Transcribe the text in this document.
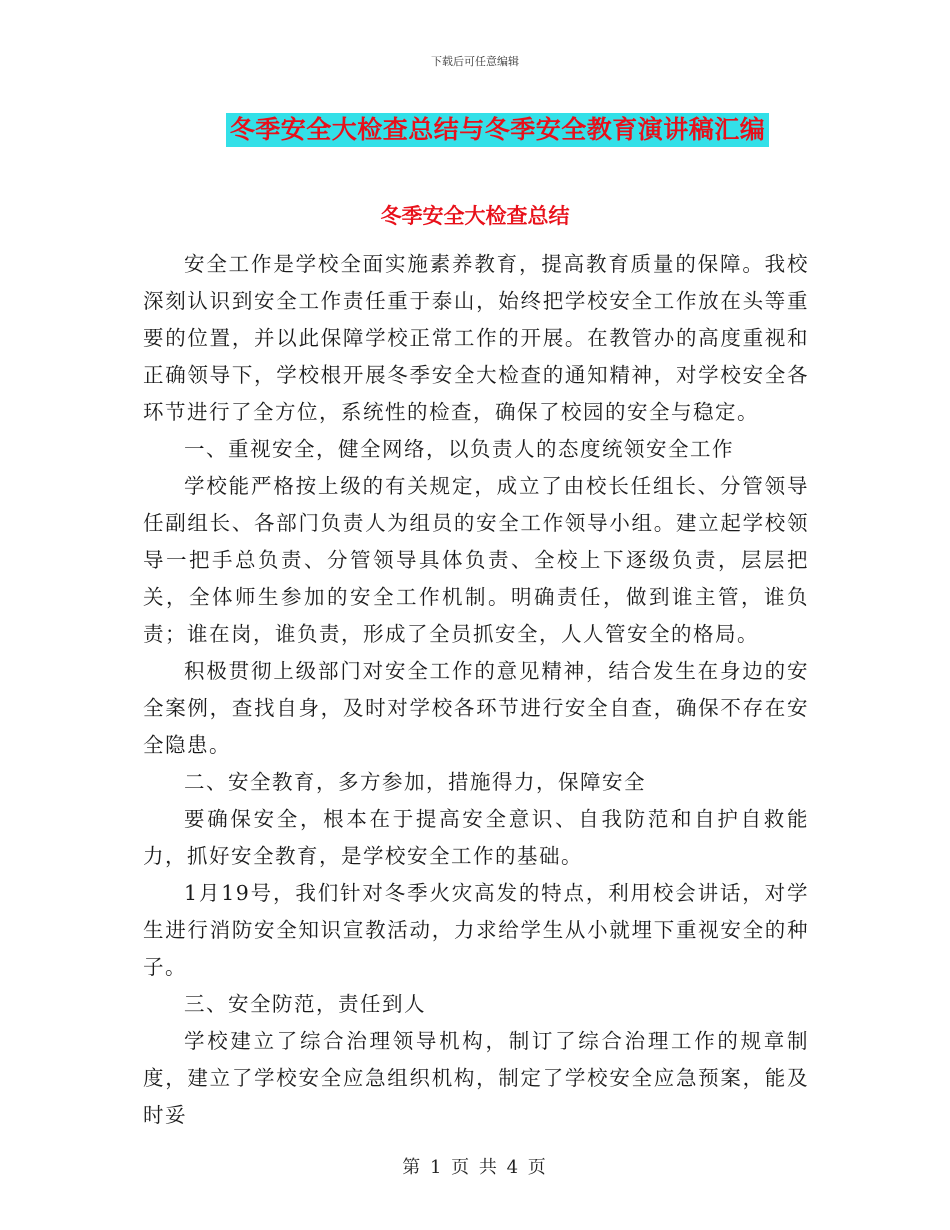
下载后可任意编辑
冬季安全大检查总结与冬季安全教育演讲稿汇编
冬季安全大检查总结

安全工作是学校全面实施素养教育，提高教育质量的保障。我校深刻认识到安全工作责任重于泰山，始终把学校安全工作放在头等重要的位置，并以此保障学校正常工作的开展。在教管办的高度重视和正确领导下，学校根开展冬季安全大检查的通知精神，对学校安全各环节进行了全方位，系统性的检查，确保了校园的安全与稳定。

一、重视安全，健全网络，以负责人的态度统领安全工作

学校能严格按上级的有关规定，成立了由校长任组长、分管领导任副组长、各部门负责人为组员的安全工作领导小组。建立起学校领导一把手总负责、分管领导具体负责、全校上下逐级负责，层层把关，全体师生参加的安全工作机制。明确责任，做到谁主管，谁负责；谁在岗，谁负责，形成了全员抓安全，人人管安全的格局。

积极贯彻上级部门对安全工作的意见精神，结合发生在身边的安全案例，查找自身，及时对学校各环节进行安全自查，确保不存在安全隐患。

二、安全教育，多方参加，措施得力，保障安全

要确保安全，根本在于提高安全意识、自我防范和自护自救能力，抓好安全教育，是学校安全工作的基础。

1月19号，我们针对冬季火灾高发的特点，利用校会讲话，对学生进行消防安全知识宣教活动，力求给学生从小就埋下重视安全的种子。

三、安全防范，责任到人

学校建立了综合治理领导机构，制订了综合治理工作的规章制度，建立了学校安全应急组织机构，制定了学校安全应急预案，能及时妥

第 1 页 共 4 页
